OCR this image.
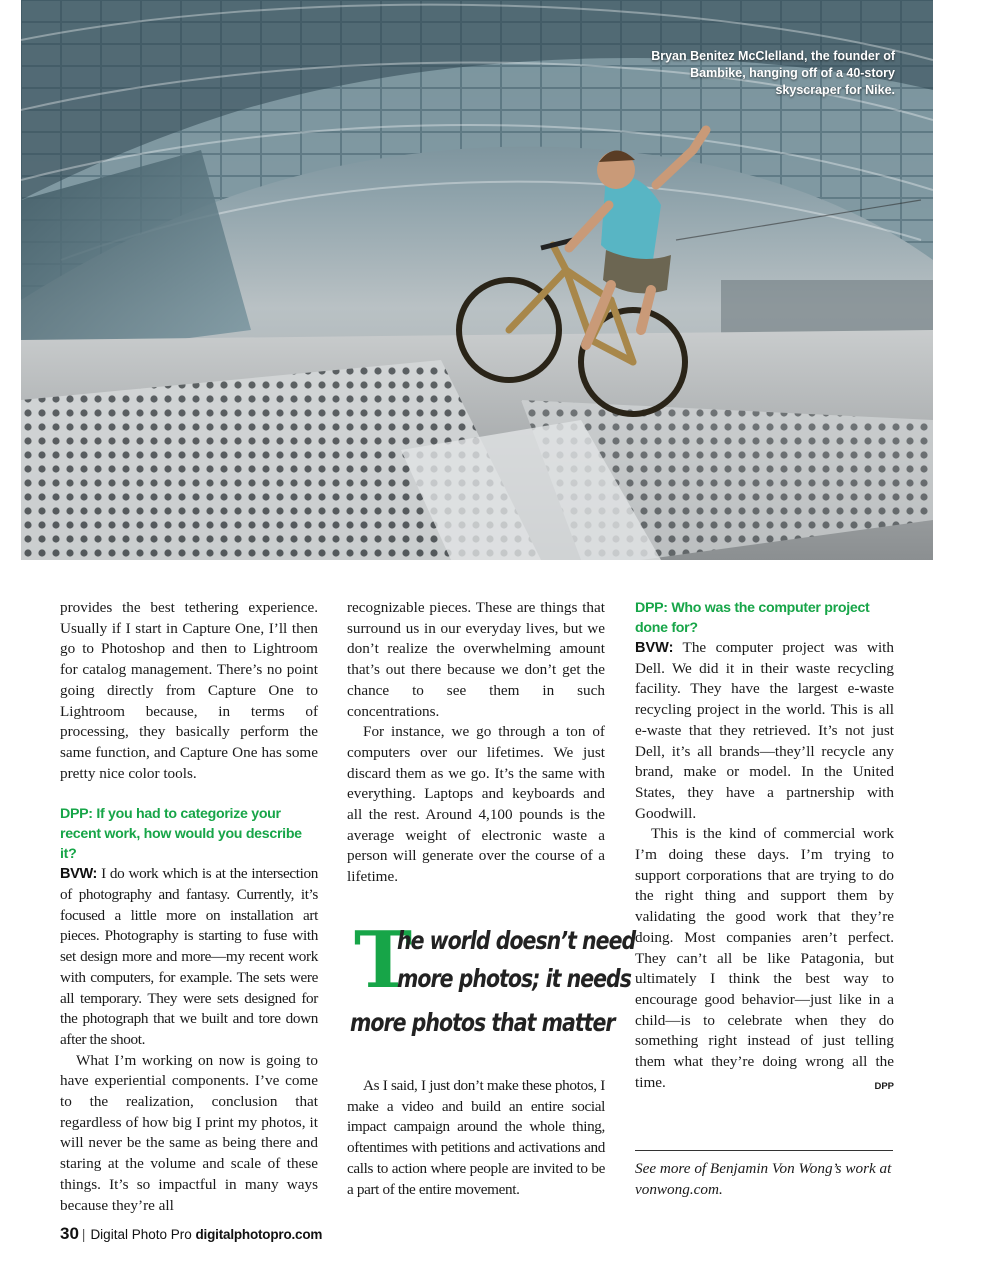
Bryan Benitez McClelland, the founder of Bambike, hanging off of a 40-story skyscraper for Nike.

provides the best tethering experience. Usually if I start in Capture One, I’ll then go to Photoshop and then to Lightroom for catalog management. There’s no point going directly from Capture One to Lightroom because, in terms of processing, they basically perform the same function, and Capture One has some pretty nice color tools.

DPP: If you had to categorize your recent work, how would you describe it?

BVW: I do work which is at the intersection of photography and fantasy. Currently, it’s focused a little more on installation art pieces. Photography is starting to fuse with set design more and more—my recent work with computers, for example. The sets were all temporary. They were sets designed for the photograph that we built and tore down after the shoot.

What I’m working on now is going to have experiential components. I’ve come to the realization, conclusion that regardless of how big I print my photos, it will never be the same as being there and staring at the volume and scale of these things. It’s so impactful in many ways because they’re all

recognizable pieces. These are things that surround us in our everyday lives, but we don’t realize the overwhelming amount that’s out there because we don’t get the chance to see them in such concentrations.

For instance, we go through a ton of computers over our lifetimes. We just discard them as we go. It’s the same with everything. Laptops and keyboards and all the rest. Around 4,100 pounds is the average weight of electronic waste a person will generate over the course of a lifetime.

T
he world doesn’t need
more photos; it needs
more photos that matter

As I said, I just don’t make these photos, I make a video and build an entire social impact campaign around the whole thing, oftentimes with petitions and activations and calls to action where people are invited to be a part of the entire movement.

DPP: Who was the computer project done for?

BVW: The computer project was with Dell. We did it in their waste recycling facility. They have the largest e-waste recycling project in the world. This is all e-waste that they retrieved. It’s not just Dell, it’s all brands—they’ll recycle any brand, make or model. In the United States, they have a partnership with Goodwill.

This is the kind of commercial work I’m doing these days. I’m trying to support corporations that are trying to do the right thing and support them by validating the good work that they’re doing. Most companies aren’t perfect. They can’t all be like Patagonia, but ultimately I think the best way to encourage good behavior—just like in a child—is to celebrate when they do something right instead of just telling them what they’re doing wrong all the time.	DPP

See more of Benjamin Von Wong’s work at vonwong.com.
30 | Digital Photo Pro digitalphotopro.com
